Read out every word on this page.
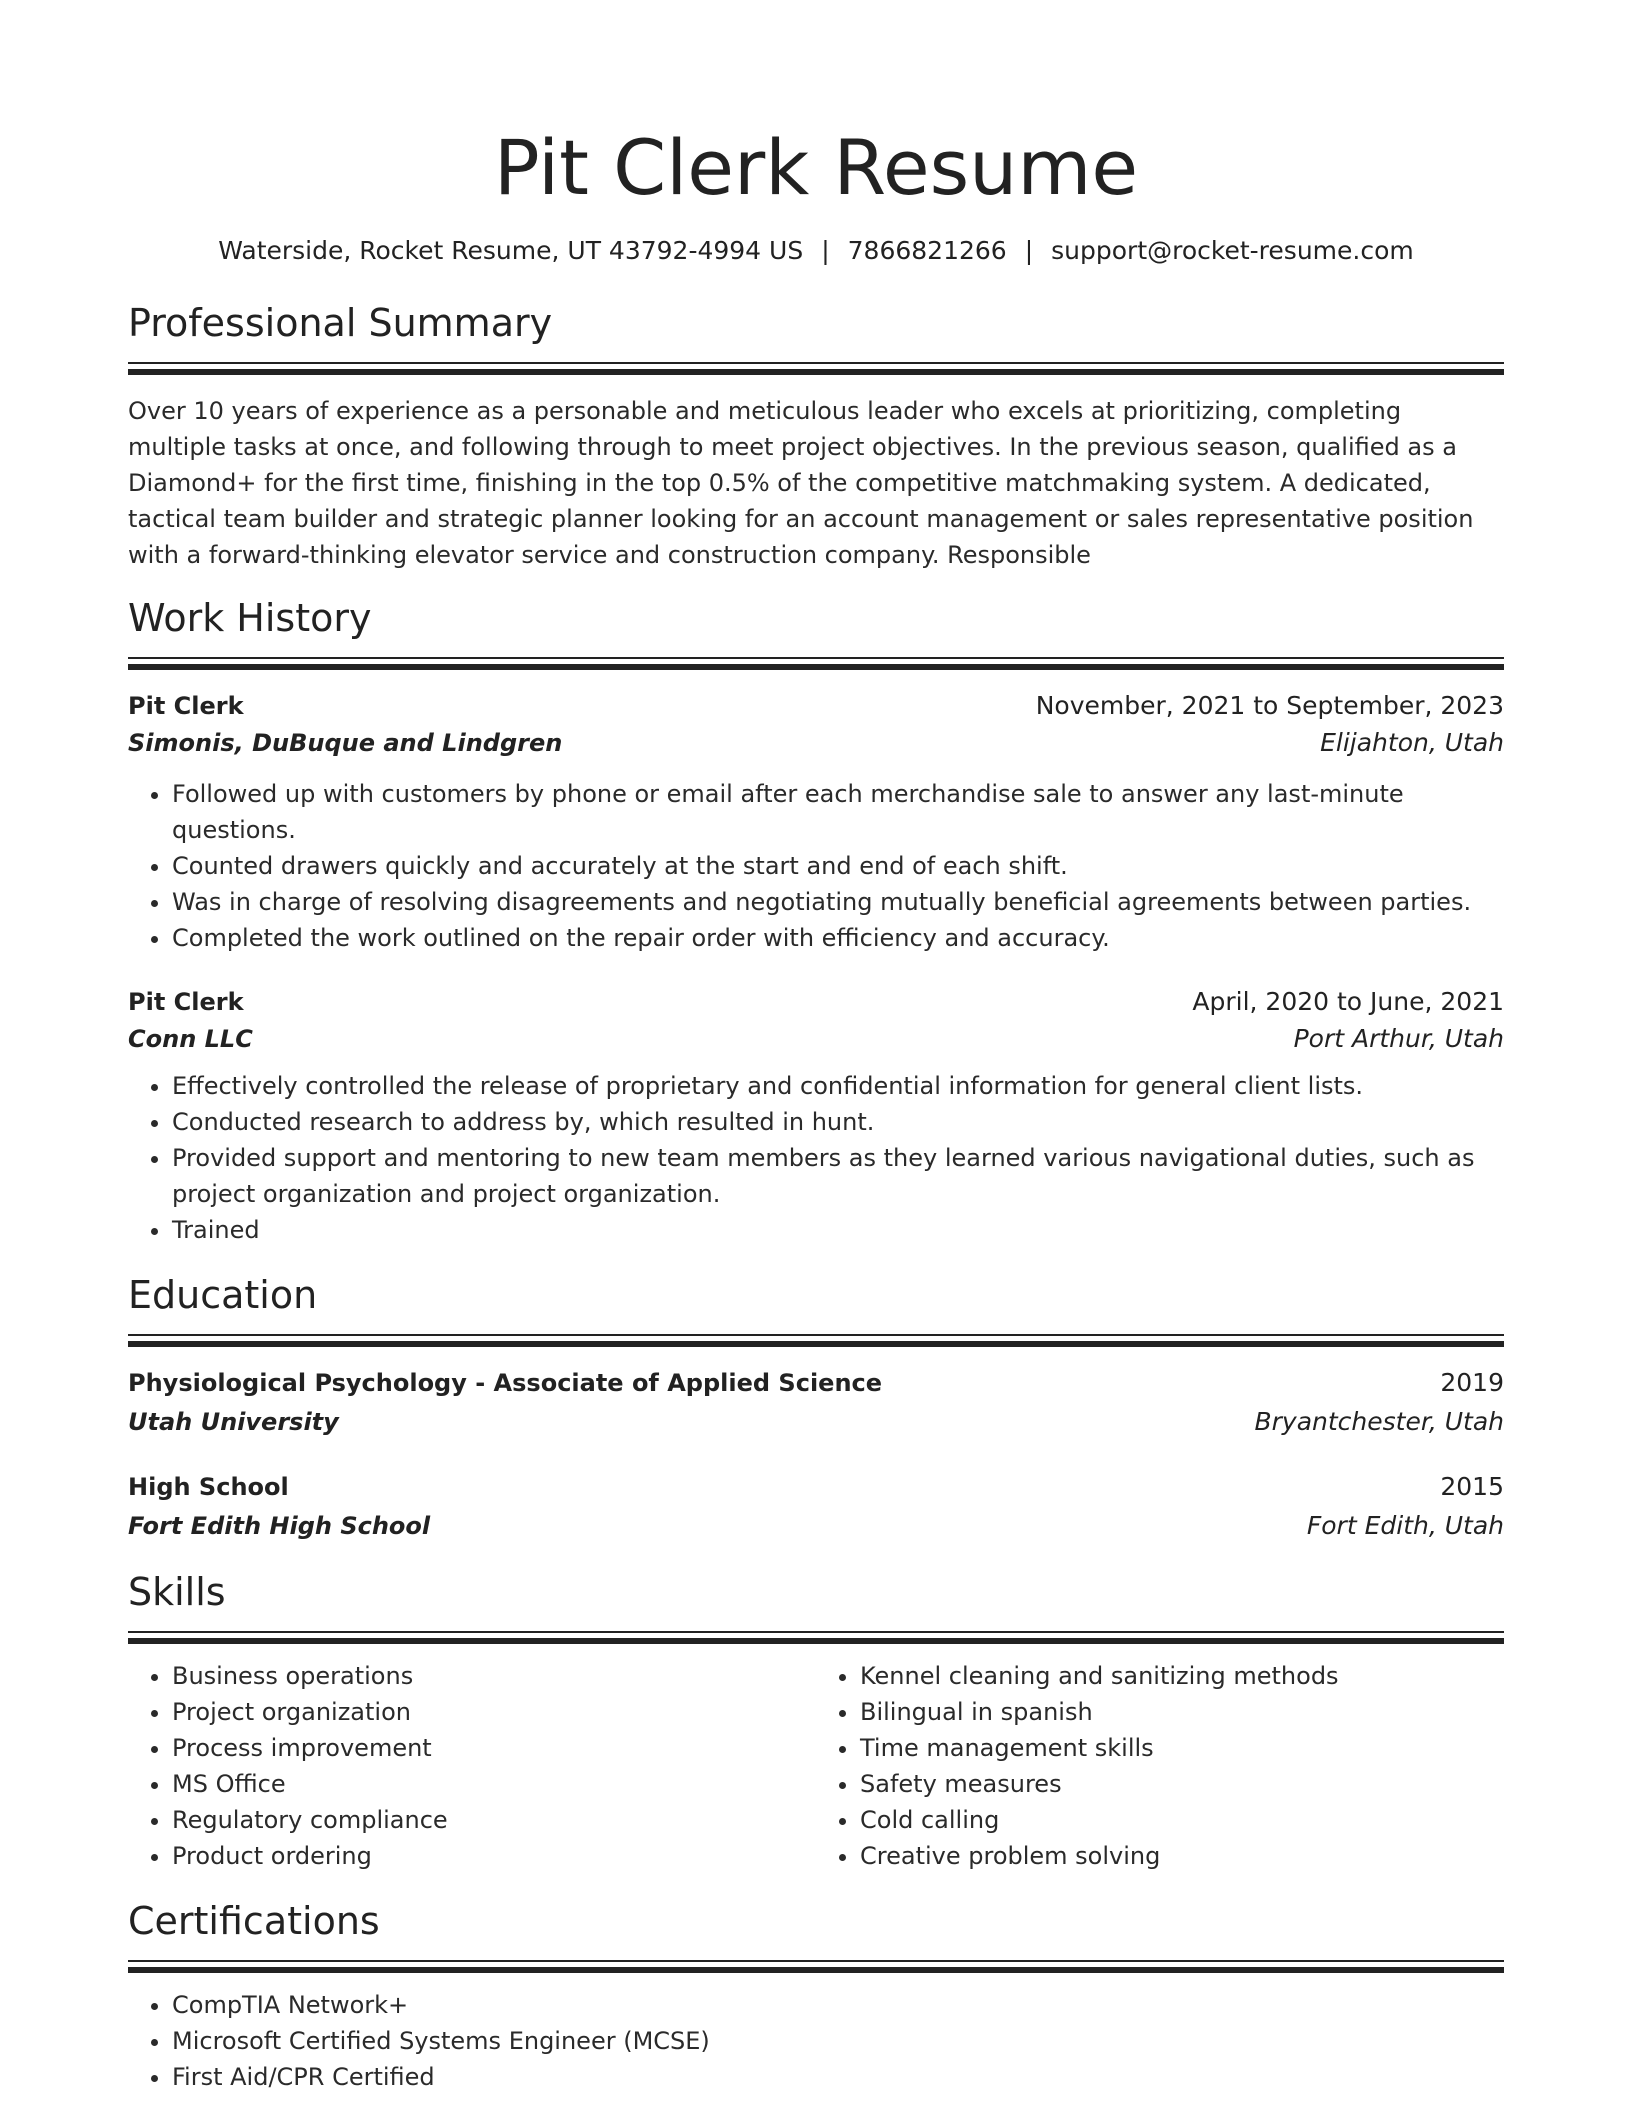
Pit Clerk Resume
Waterside, Rocket Resume, UT 43792-4994 US | 7866821266 | support@rocket-resume.com
Professional Summary

Over 10 years of experience as a personable and meticulous leader who excels at prioritizing, completing multiple tasks at once, and following through to meet project objectives. In the previous season, qualified as a Diamond+ for the first time, finishing in the top 0.5% of the competitive matchmaking system. A dedicated, tactical team builder and strategic planner looking for an account management or sales representative position with a forward-thinking elevator service and construction company. Responsible

Work History
Pit Clerk	November, 2021 to September, 2023
Simonis, DuBuque and Lindgren	Elijahton, Utah
• Followed up with customers by phone or email after each merchandise sale to answer any last-minute questions.
• Counted drawers quickly and accurately at the start and end of each shift.
• Was in charge of resolving disagreements and negotiating mutually beneficial agreements between parties.
• Completed the work outlined on the repair order with efficiency and accuracy.
Pit Clerk	April, 2020 to June, 2021
Conn LLC	Port Arthur, Utah
• Effectively controlled the release of proprietary and confidential information for general client lists.
• Conducted research to address by, which resulted in hunt.
• Provided support and mentoring to new team members as they learned various navigational duties, such as project organization and project organization.
• Trained
Education
Physiological Psychology - Associate of Applied Science	2019
Utah University	Bryantchester, Utah
High School	2015
Fort Edith High School	Fort Edith, Utah
Skills
• Business operations
• Project organization
• Process improvement
• MS Office
• Regulatory compliance
• Product ordering
• Kennel cleaning and sanitizing methods
• Bilingual in spanish
• Time management skills
• Safety measures
• Cold calling
• Creative problem solving
Certifications
• CompTIA Network+
• Microsoft Certified Systems Engineer (MCSE)
• First Aid/CPR Certified
